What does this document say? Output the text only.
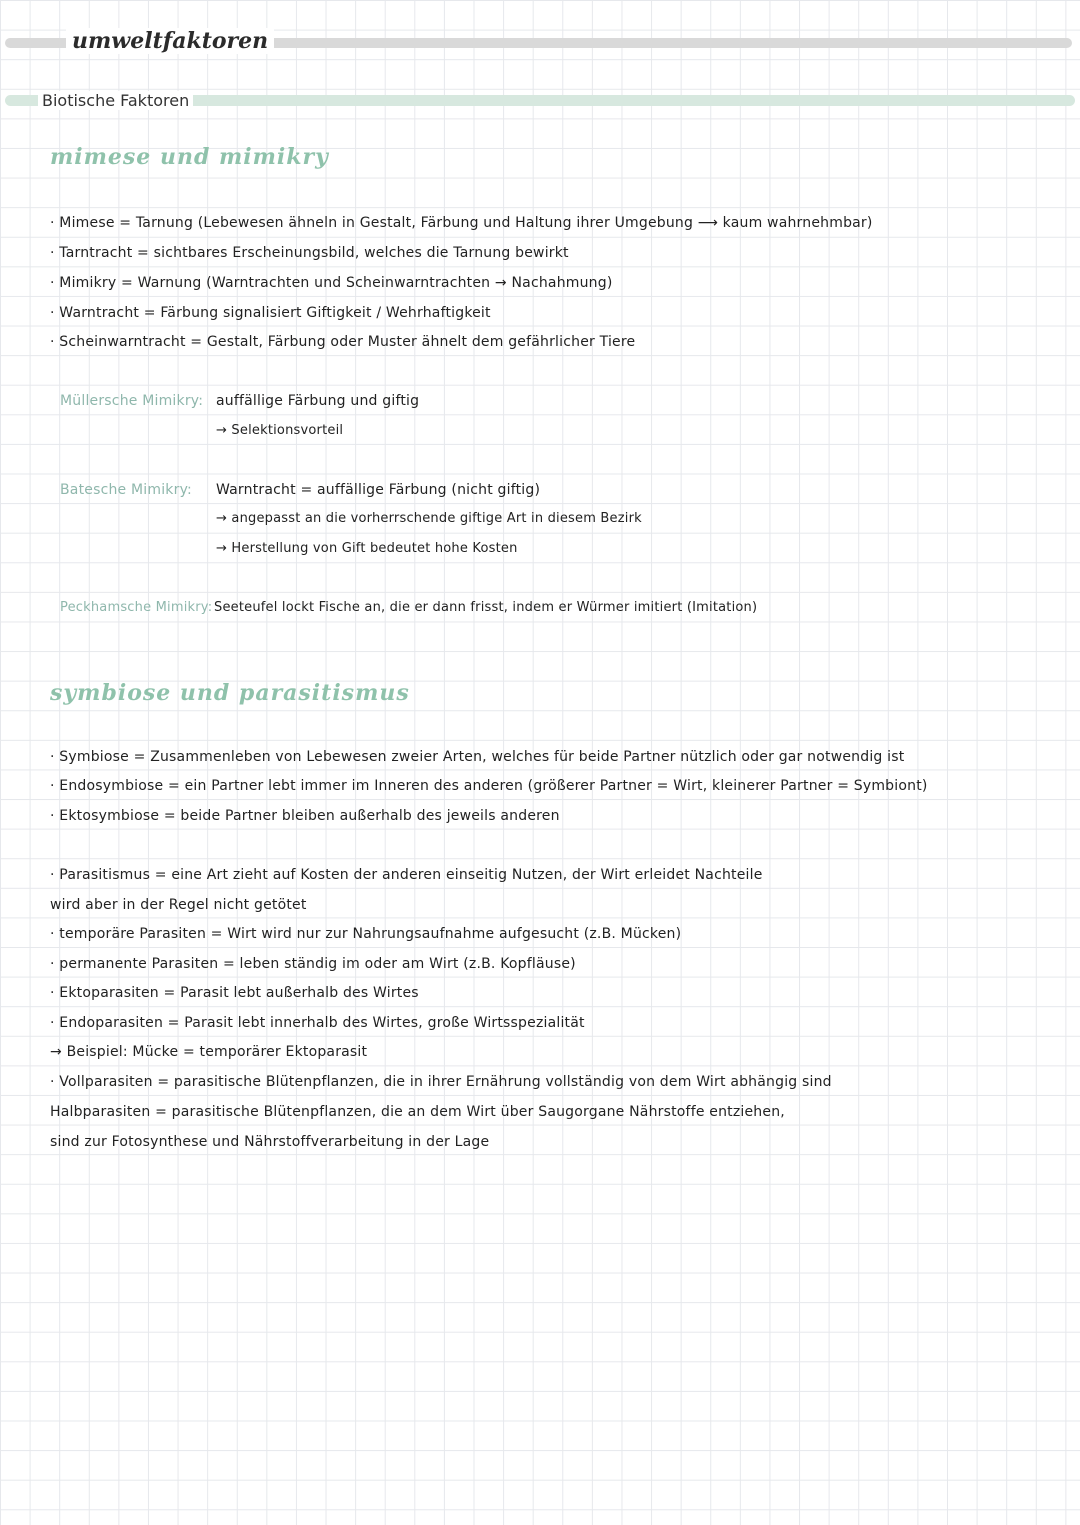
umweltfaktoren
Biotische Faktoren
mimese und mimikry
· Mimese = Tarnung (Lebewesen ähneln in Gestalt, Färbung und Haltung ihrer Umgebung ⟶ kaum wahrnehmbar)
· Tarntracht = sichtbares Erscheinungsbild, welches die Tarnung bewirkt
· Mimikry = Warnung (Warntrachten und Scheinwarntrachten → Nachahmung)
· Warntracht = Färbung signalisiert Giftigkeit / Wehrhaftigkeit
· Scheinwarntracht = Gestalt, Färbung oder Muster ähnelt dem gefährlicher Tiere
Müllersche Mimikry: auffällige Färbung und giftig
→ Selektionsvorteil
Batesche Mimikry: Warntracht = auffällige Färbung (nicht giftig)
→ angepasst an die vorherrschende giftige Art in diesem Bezirk
→ Herstellung von Gift bedeutet hohe Kosten
Peckhamsche Mimikry: Seeteufel lockt Fische an, die er dann frisst, indem er Würmer imitiert (Imitation)
symbiose und parasitismus
· Symbiose = Zusammenleben von Lebewesen zweier Arten, welches für beide Partner nützlich oder gar notwendig ist
· Endosymbiose = ein Partner lebt immer im Inneren des anderen (größerer Partner = Wirt, kleinerer Partner = Symbiont)
· Ektosymbiose = beide Partner bleiben außerhalb des jeweils anderen
· Parasitismus = eine Art zieht auf Kosten der anderen einseitig Nutzen, der Wirt erleidet Nachteile
wird aber in der Regel nicht getötet
· temporäre Parasiten = Wirt wird nur zur Nahrungsaufnahme aufgesucht (z.B. Mücken)
· permanente Parasiten = leben ständig im oder am Wirt (z.B. Kopfläuse)
· Ektoparasiten = Parasit lebt außerhalb des Wirtes
· Endoparasiten = Parasit lebt innerhalb des Wirtes, große Wirtsspezialität
→ Beispiel: Mücke = temporärer Ektoparasit
· Vollparasiten = parasitische Blütenpflanzen, die in ihrer Ernährung vollständig von dem Wirt abhängig sind
Halbparasiten = parasitische Blütenpflanzen, die an dem Wirt über Saugorgane Nährstoffe entziehen,
sind zur Fotosynthese und Nährstoffverarbeitung in der Lage
